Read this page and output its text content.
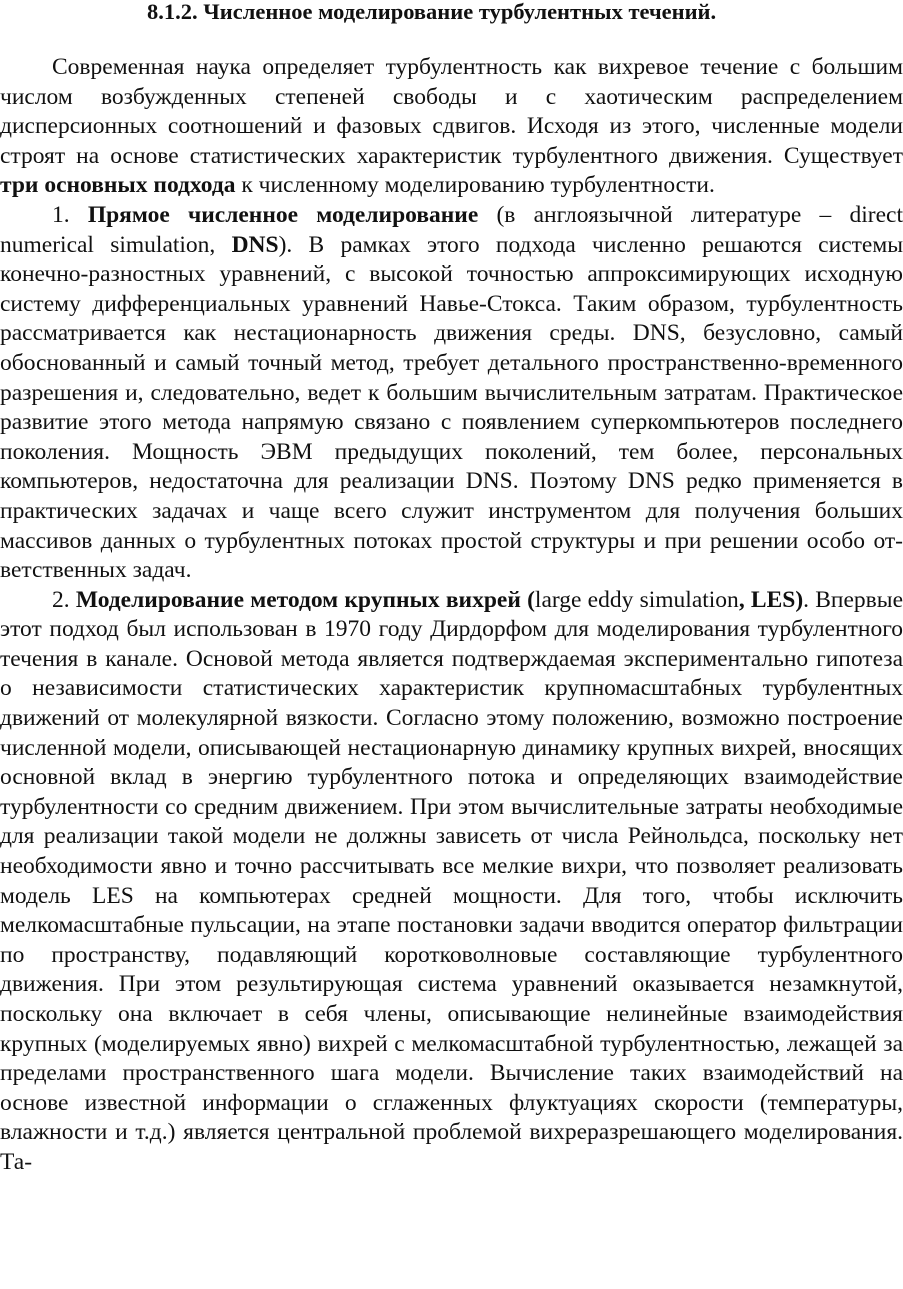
8.1.2. Численное моделирование турбулентных течений.

Современная наука определяет турбулентность как вихревое течение с большим числом возбужденных степеней свободы и с хаотическим распределением дисперсионных соотношений и фазовых сдвигов. Исходя из этого, численные модели строят на основе статистических характеристик турбулентного движения. Существует три основных подхода к численному моделированию турбулентности.

1. Прямое численное моделирование (в англоязычной литературе – direct numerical simulation, DNS). В рамках этого подхода численно решаются системы конечно-разностных уравнений, с высокой точностью аппроксимирующих исходную систему дифференциальных уравнений Навье-Стокса. Таким образом, турбулентность рассматривается как нестационарность движения среды. DNS, безусловно, самый обоснованный и самый точный метод, требует детального пространственно-временного разрешения и, следовательно, ведет к большим вычислительным затратам. Практическое развитие этого метода напрямую связано с появлением суперкомпьютеров последнего поколения. Мощность ЭВМ предыдущих поколений, тем более, персональных компьютеров, недостаточна для реализации DNS. Поэтому DNS редко применяется в практических задачах и чаще всего служит инструментом для получения больших массивов данных о турбулентных потоках простой структуры и при решении особо ответственных задач.

2. Моделирование методом крупных вихрей (large eddy simulation, LES). Впервые этот подход был использован в 1970 году Дирдорфом для моделирования турбулентного течения в канале. Основой метода является подтверждаемая экспериментально гипотеза о независимости статистических характеристик крупномасштабных турбулентных движений от молекулярной вязкости. Согласно этому положению, возможно построение численной модели, описывающей нестационарную динамику крупных вихрей, вносящих основной вклад в энергию турбулентного потока и определяющих взаимодействие турбулентности со средним движением. При этом вычислительные затраты необходимые для реализации такой модели не должны зависеть от числа Рейнольдса, поскольку нет необходимости явно и точно рассчитывать все мелкие вихри, что позволяет реализовать модель LES на компьютерах средней мощности. Для того, чтобы исключить мелкомасштабные пульсации, на этапе постановки задачи вводится оператор фильтрации по пространству, подавляющий коротковолновые составляющие турбулентного движения. При этом результирующая система уравнений оказывается незамкнутой, поскольку она включает в себя члены, описывающие нелинейные взаимодействия крупных (моделируемых явно) вихрей с мелкомасштабной турбулентностью, лежащей за пределами пространственного шага модели. Вычисление таких взаимодействий на основе известной информации о сглаженных флуктуациях скорости (температуры, влажности и т.д.) является центральной проблемой вихреразрешающего моделирования. Та-
